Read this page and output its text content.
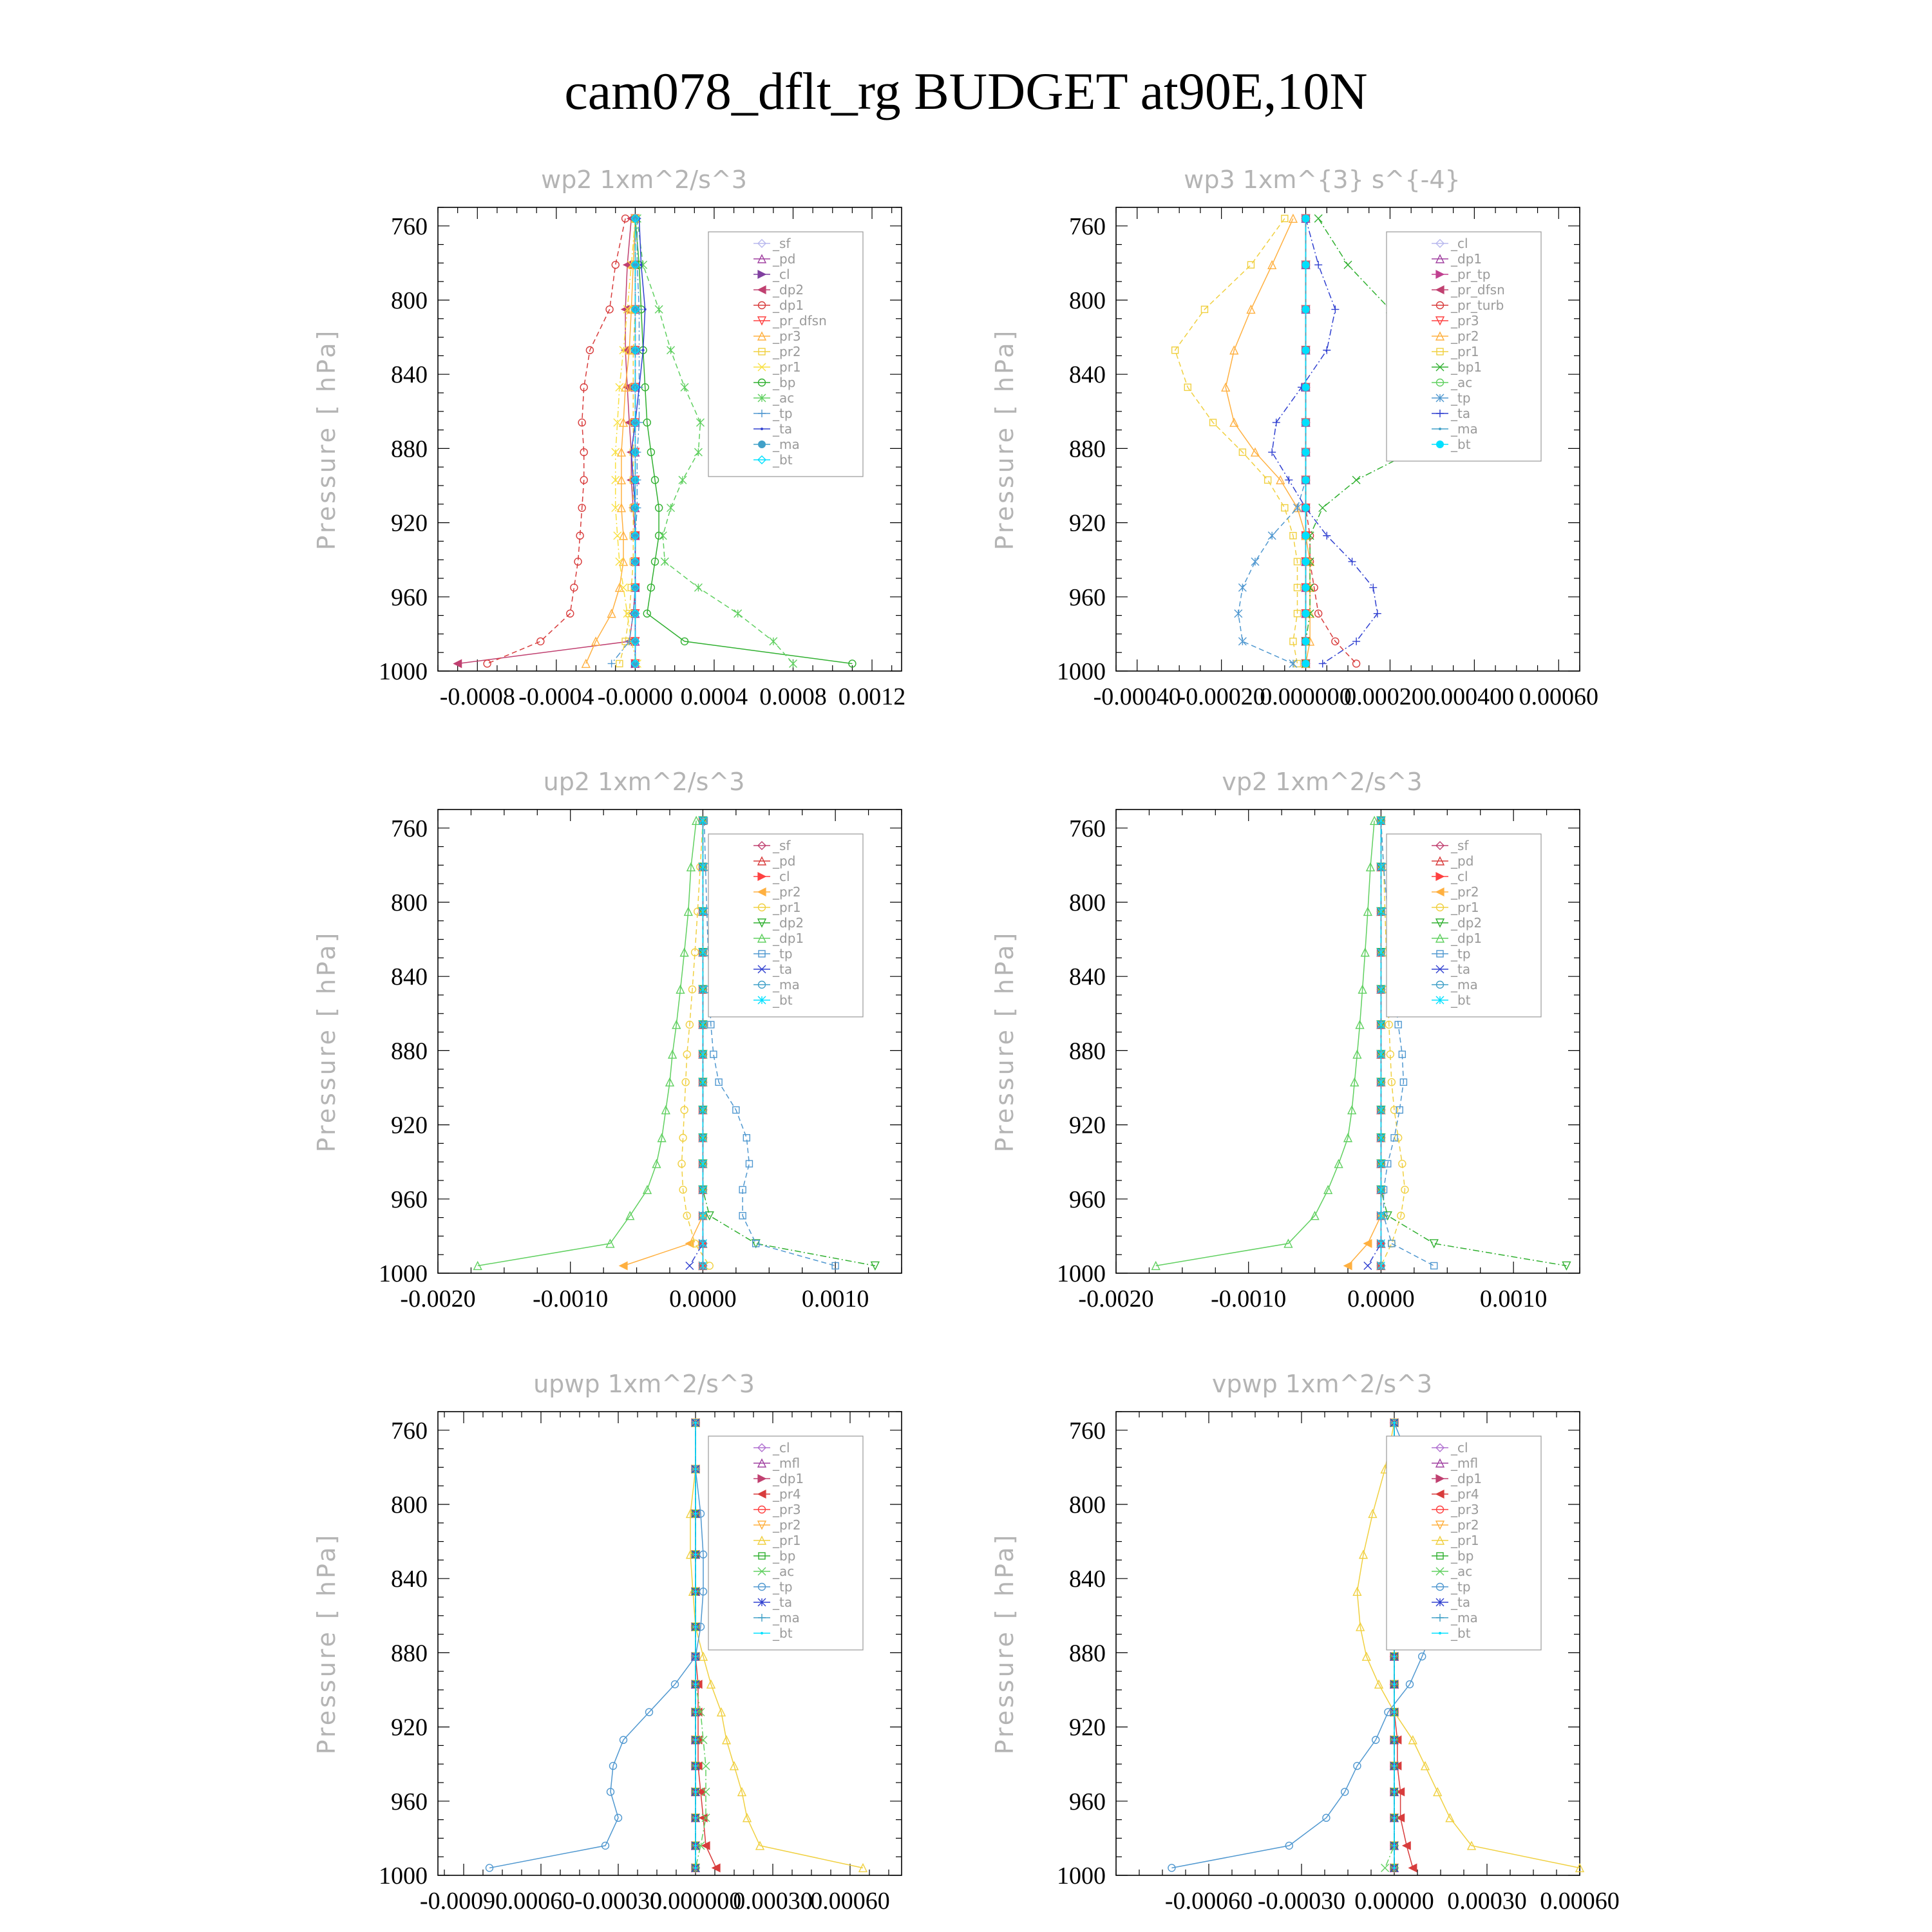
cam078_dflt_rg BUDGET at90E,10N
wp2 1xm^2/s^3
Pressure [ hPa]
760
800
840
880
920
960
1000
-0.0008 -0.0004 -0.0000 0.0004 0.0008 0.0012
_sf
_pd
_cl
_dp2
_dp1
_pr_dfsn
_pr3
_pr2
_pr1
_bp
_ac
_tp
_ta
_ma
_bt
wp3 1xm^{3} s^{-4}
Pressure [ hPa]
760
800
840
880
920
960
1000
-0.00040
-0.00020
0.000000
0.000200
.000400 0.00060
_cl
_dp1
_pr_tp
_pr_dfsn
_pr_turb
_pr3
_pr2
_pr1
_bp1
_ac
_tp
_ta
_ma
_bt
up2 1xm^2/s^3
Pressure [ hPa]
760
800
840
880
920
960
1000
-0.0020 -0.0010 0.0000	0.0010
_sf
_pd
_cl
_pr2
_pr1
_dp2
_dp1
_tp
_ta
_ma
_bt
vp2 1xm^2/s^3
Pressure [ hPa]
760
800
840
880
920
960
1000
-0.0020 -0.0010 0.0000	0.0010
_sf
_pd
_cl
_pr2
_pr1
_dp2
_dp1
_tp
_ta
_ma
_bt
upwp 1xm^2/s^3
Pressure [ hPa]
760
800
840
880
920
960
1000
-0.00090 .00060 -0.00030
0.000000
0.00030
0.00060
_cl
_mfl
_dp1
_pr4
_pr3
_pr2
_pr1
_bp
_ac
_tp
_ta
_ma
_bt
vpwp 1xm^2/s^3
Pressure [ hPa]
760
800
840
880
920
960
1000
-0.00060 -0.00030 0.00000 0.00030 0.00060
_cl
_mfl
_dp1
_pr4
_pr3
_pr2
_pr1
_bp
_ac
_tp
_ta
_ma
_bt
